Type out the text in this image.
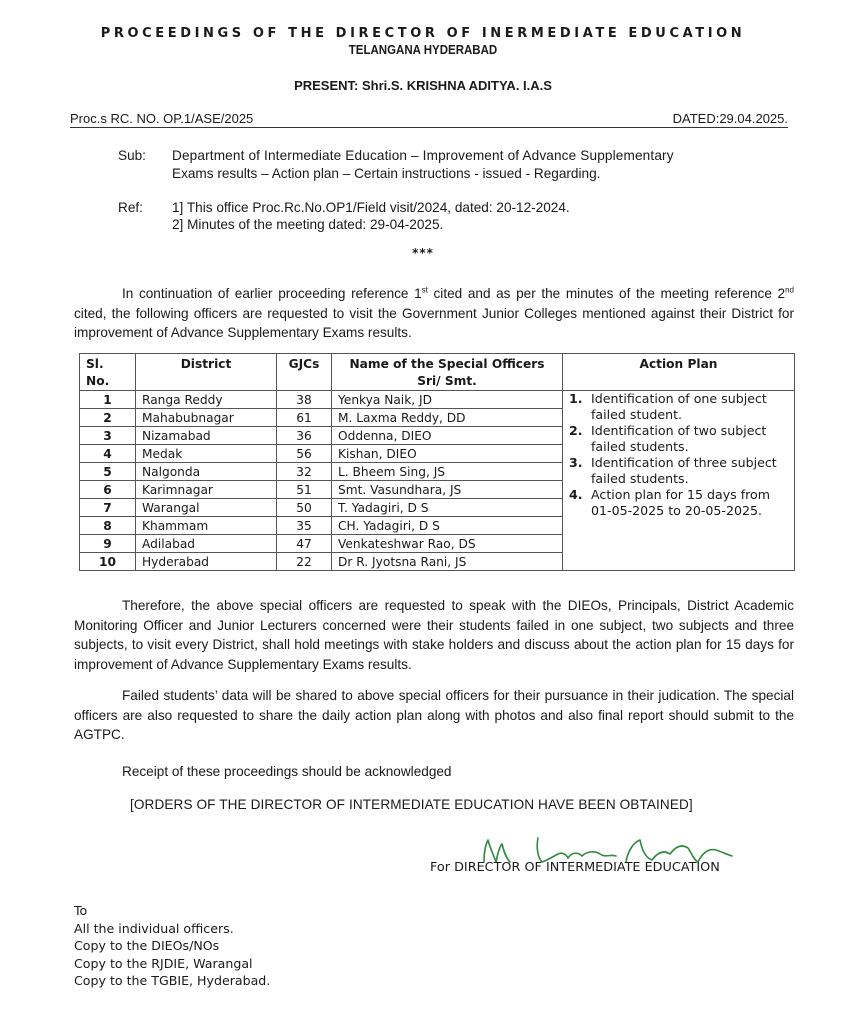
PROCEEDINGS OF THE DIRECTOR OF INERMEDIATE EDUCATION
TELANGANA HYDERABAD
PRESENT: Shri.S. KRISHNA ADITYA. I.A.S
Proc.s RC. NO. OP.1/ASE/2025	DATED:29.04.2025.
Sub: Department of Intermediate Education – Improvement of Advance Supplementary
Exams results – Action plan – Certain instructions - issued - Regarding.
Ref: 1] This office Proc.Rc.No.OP1/Field visit/2024, dated: 20-12-2024.
2] Minutes of the meeting dated: 29-04-2025.
***
In continuation of earlier proceeding reference 1st cited and as per the minutes of the meeting reference 2nd cited, the following officers are requested to visit the Government Junior Colleges mentioned against their District for improvement of Advance Supplementary Exams results.
Sl. No.	District	GJCs	Name of the Special Officers Sri/ Smt.	Action Plan
1	Ranga Reddy	38	Yenkya Naik, JD	1. Identification of one subject failed student.
2. Identification of two subject failed students.
3. Identification of three subject failed students.
4. Action plan for 15 days from 01-05-2025 to 20-05-2025.

2	Mahabubnagar	61	M. Laxma Reddy, DD	
3	Nizamabad	36	Oddenna, DIEO	
4	Medak	56	Kishan, DIEO	
5	Nalgonda	32	L. Bheem Sing, JS	
6	Karimnagar	51	Smt. Vasundhara, JS	
7	Warangal	50	T. Yadagiri, D S	
8	Khammam	35	CH. Yadagiri, D S	
9	Adilabad	47	Venkateshwar Rao, DS	
10	Hyderabad	22	Dr R. Jyotsna Rani, JS	
Therefore, the above special officers are requested to speak with the DIEOs, Principals, District Academic Monitoring Officer and Junior Lecturers concerned were their students failed in one subject, two subjects and three subjects, to visit every District, shall hold meetings with stake holders and discuss about the action plan for 15 days for improvement of Advance Supplementary Exams results.
Failed students’ data will be shared to above special officers for their pursuance in their judication. The special officers are also requested to share the daily action plan along with photos and also final report should submit to the AGTPC.
Receipt of these proceedings should be acknowledged
[ORDERS OF THE DIRECTOR OF INTERMEDIATE EDUCATION HAVE BEEN OBTAINED]
For DIRECTOR OF INTERMEDIATE EDUCATION
To
All the individual officers.
Copy to the DIEOs/NOs
Copy to the RJDIE, Warangal
Copy to the TGBIE, Hyderabad.
